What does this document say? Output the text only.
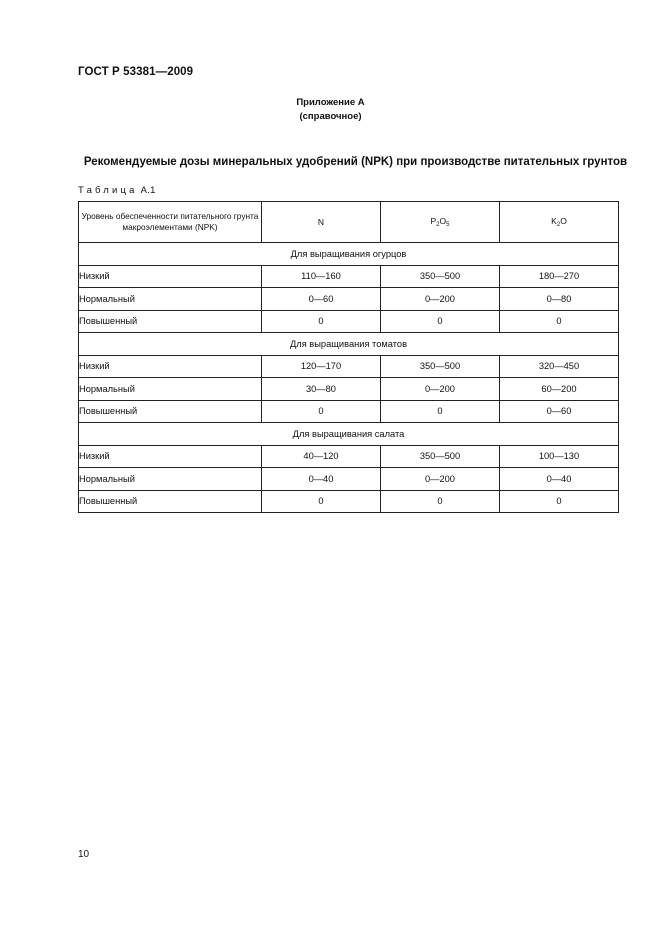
ГОСТ Р 53381—2009
Приложение А
(справочное)
Рекомендуемые дозы минеральных удобрений (NPK) при производстве питательных грунтов
Таблица А.1
Уровень обеспеченности питательного грунта макроэлементами (NPK)	N	$P_2O_5$	$K_2O$
Для выращивания огурцов			
Низкий	110—160	350—500	180—270
Нормальный	0—60	0—200	0—80
Повышенный	0	0	0
Для выращивания томатов			
Низкий	120—170	350—500	320—450
Нормальный	30—80	0—200	60—200
Повышенный	0	0	0—60
Для выращивания салата			
Низкий	40—120	350—500	100—130
Нормальный	0—40	0—200	0—40
Повышенный	0	0	0
10
